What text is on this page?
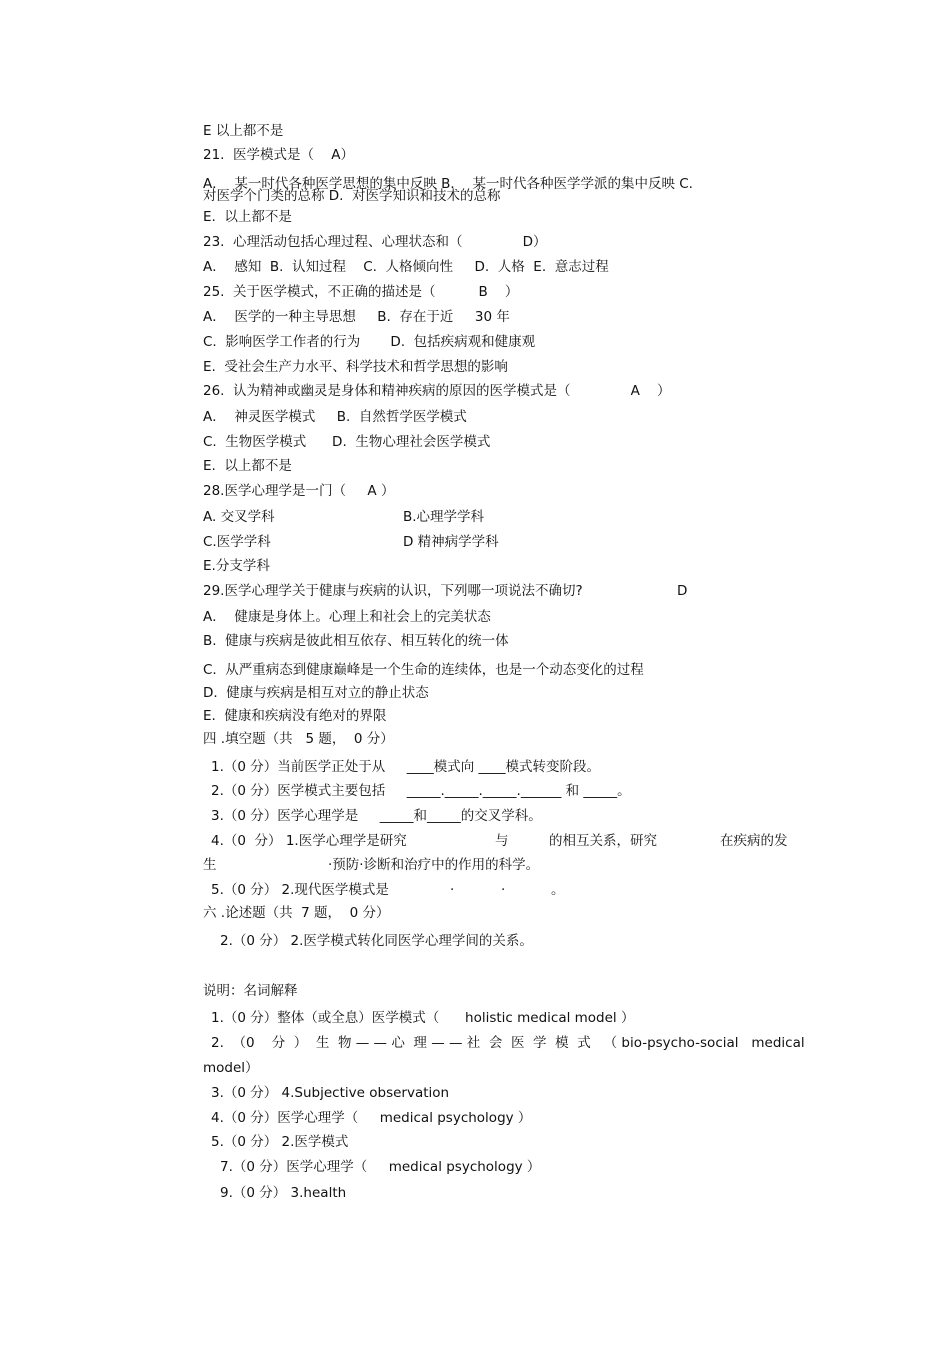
E 以上都不是
21.  医学模式是（    A）
A．  某一时代各种医学思想的集中反映 B．  某一时代各种医学学派的集中反映 C.
对医学个门类的总称 D.  对医学知识和技术的总称
E.  以上都不是
23.  心理活动包括心理过程、心理状态和（              D）
A．  感知  B.  认知过程    C.  人格倾向性     D.  人格  E.  意志过程
25.  关于医学模式，不正确的描述是（          B    ）
A．  医学的一种主导思想     B.  存在于近     30 年
C.  影响医学工作者的行为       D.  包括疾病观和健康观
E.  受社会生产力水平、科学技术和哲学思想的影响
26.  认为精神或幽灵是身体和精神疾病的原因的医学模式是（              A    ）
A．  神灵医学模式     B.  自然哲学医学模式
C.  生物医学模式      D.  生物心理社会医学模式
E.  以上都不是
28.医学心理学是一门（     A ）
A. 交叉学科	B.心理学学科
C.医学学科	D 精神病学学科
E.分支学科
29.医学心理学关于健康与疾病的认识，下列哪一项说法不确切?	D
A．  健康是身体上。心理上和社会上的完美状态
B.  健康与疾病是彼此相互依存、相互转化的统一体
C.  从严重病态到健康巅峰是一个生命的连续体，也是一个动态变化的过程
D.  健康与疾病是相互对立的静止状态
E.  健康和疾病没有绝对的界限
四 .填空题（共   5 题，  0 分）
1.（0 分）当前医学正处于从     ____模式向 ____模式转变阶段。
2.（0 分）医学模式主要包括     _____._____._____.______ 和 _____。
3.（0 分）医学心理学是     _____和_____的交叉学科。
4.（0  分） 1.医学心理学是研究	与	的相互关系，研究	在疾病的发
生	·预防·诊断和治疗中的作用的科学。
5.（0 分） 2.现代医学模式是	·	·	。
六 .论述题（共  7 题，  0 分）
2.（0 分） 2.医学模式转化同医学心理学间的关系。
说明：名词解释
1.（0 分）整体（或全息）医学模式（      holistic medical model ）
2.  （0    分  ）  生  物 — — 心  理 — — 社  会  医  学  模  式   （ bio-psycho-social   medical
model）
3.（0 分） 4.Subjective observation
4.（0 分）医学心理学（     medical psychology ）
5.（0 分） 2.医学模式
7.（0 分）医学心理学（     medical psychology ）
9.（0 分） 3.health
